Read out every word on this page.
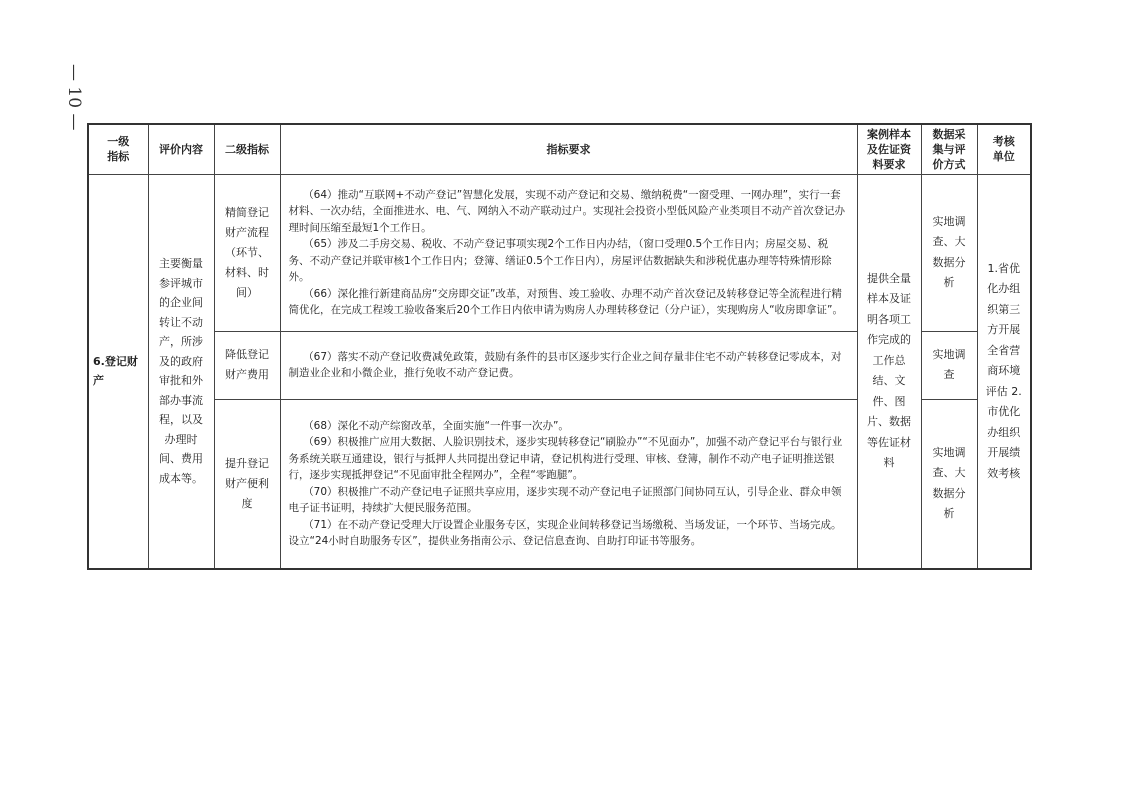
— 10 —
一级指标	评价内容	二级指标	指标要求	案例样本及佐证资料要求	数据采集与评价方式	考核单位
6.登记财产	主要衡量参评城市的企业间转让不动产，所涉及的政府审批和外部办事流程，以及办理时间、费用成本等。	精简登记财产流程（环节、材料、时间）	（64）推动“互联网+不动产登记”智慧化发展，实现不动产登记和交易、缴纳税费“一窗受理、一网办理”，实行一套材料、一次办结，全面推进水、电、气、网纳入不动产联动过户。实现社会投资小型低风险产业类项目不动产首次登记办理时间压缩至最短1个工作日。

（65）涉及二手房交易、税收、不动产登记事项实现2个工作日内办结，（窗口受理0.5个工作日内；房屋交易、税务、不动产登记并联审核1个工作日内；登簿、缮证0.5个工作日内），房屋评估数据缺失和涉税优惠办理等特殊情形除外。

（66）深化推行新建商品房“交房即交证”改革，对预售、竣工验收、办理不动产首次登记及转移登记等全流程进行精简优化，在完成工程竣工验收备案后20个工作日内依申请为购房人办理转移登记（分户证），实现购房人“收房即拿证”。	提供全量样本及证明各项工作完成的工作总结、文件、图片、数据等佐证材料	实地调查、大数据分析	1.省优化办组织第三方开展全省营商环境评估 2.市优化办组织开展绩效考核
		降低登记财产费用	（67）落实不动产登记收费减免政策，鼓励有条件的县市区逐步实行企业之间存量非住宅不动产转移登记零成本，对制造业企业和小微企业，推行免收不动产登记费。		实地调查	
		提升登记财产便利度	（68）深化不动产综窗改革，全面实施“一件事一次办”。

（69）积极推广应用大数据、人脸识别技术，逐步实现转移登记“刷脸办”“不见面办”，加强不动产登记平台与银行业务系统关联互通建设，银行与抵押人共同提出登记申请，登记机构进行受理、审核、登簿，制作不动产电子证明推送银行，逐步实现抵押登记“不见面审批全程网办”，全程“零跑腿”。

（70）积极推广不动产登记电子证照共享应用，逐步实现不动产登记电子证照部门间协同互认，引导企业、群众申领电子证书证明，持续扩大便民服务范围。

（71）在不动产登记受理大厅设置企业服务专区，实现企业间转移登记当场缴税、当场发证，一个环节、当场完成。设立“24小时自助服务专区”，提供业务指南公示、登记信息查询、自助打印证书等服务。		实地调查、大数据分析	
